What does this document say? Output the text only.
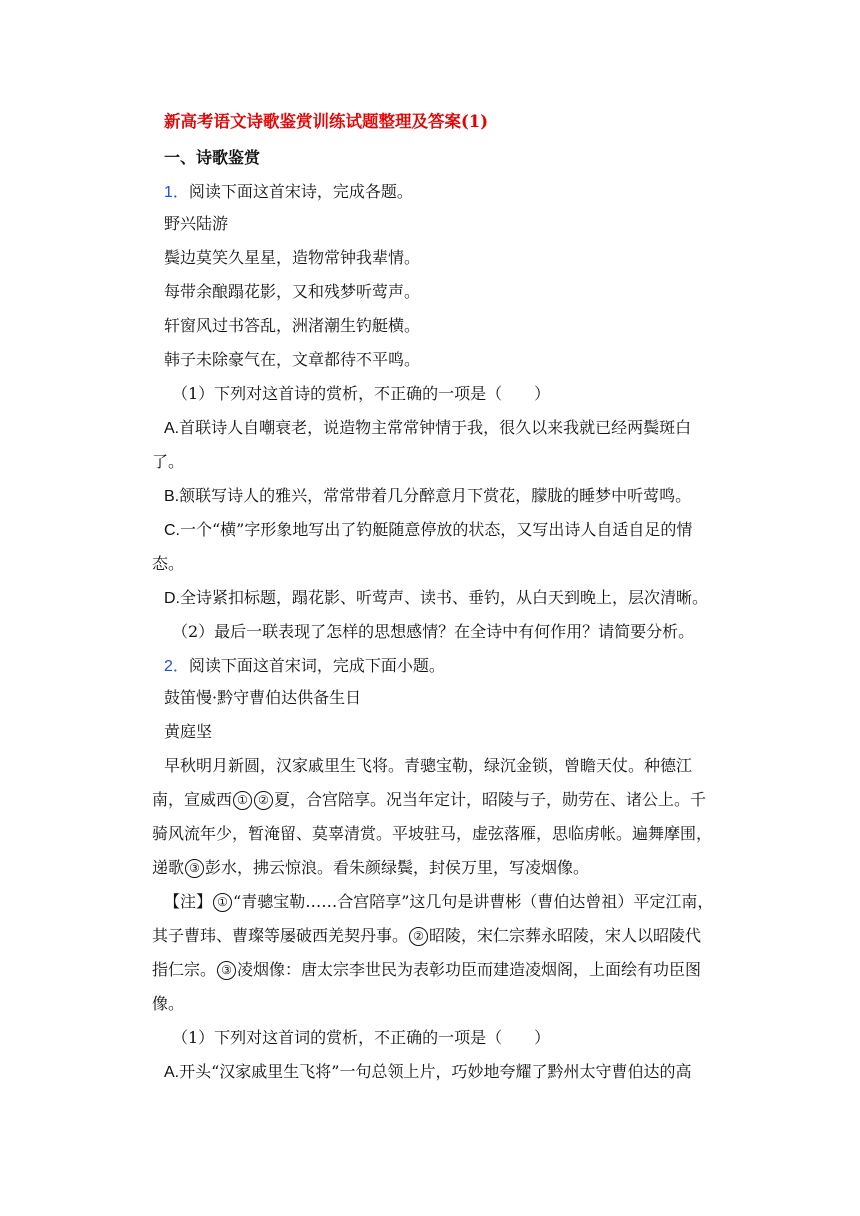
新高考语文诗歌鉴赏训练试题整理及答案(1)
一、诗歌鉴赏
1．阅读下面这首宋诗，完成各题。
野兴陆游
鬓边莫笑久星星，造物常钟我辈情。
每带余酿蹋花影，又和残梦听莺声。
轩窗风过书答乱，洲渚潮生钓艇横。
韩子未除豪气在，文章都待不平鸣。
（1）下列对这首诗的赏析，不正确的一项是（　　）
A.首联诗人自嘲衰老，说造物主常常钟情于我，很久以来我就已经两鬓斑白
了。
B.颔联写诗人的雅兴，常常带着几分醉意月下赏花，朦胧的睡梦中听莺鸣。
C.一个“横”字形象地写出了钓艇随意停放的状态，又写出诗人自适自足的情
态。
D.全诗紧扣标题，蹋花影、听莺声、读书、垂钓，从白天到晚上，层次清晰。
（2）最后一联表现了怎样的思想感情？在全诗中有何作用？请简要分析。
2．阅读下面这首宋词，完成下面小题。
鼓笛慢·黔守曹伯达供备生日
黄庭坚
早秋明月新圆，汉家戚里生飞将。青骢宝勒，绿沉金锁，曾瞻天仗。种德江
南，宣威西 ① ② 夏，合宫陪享。况当年定计，昭陵与子，勋劳在、诸公上。千
骑风流年少，暂淹留、莫辜清赏。平坡驻马，虚弦落雁，思临虏帐。遍舞摩围，
递歌 ③ 彭水，拂云惊浪。看朱颜绿鬓，封侯万里，写凌烟像。
【注】 ① “青骢宝勒……合宫陪享”这几句是讲曹彬（曹伯达曾祖）平定江南，
其子曹玮、曹璨等屡破西羌契丹事。 ② 昭陵，宋仁宗葬永昭陵，宋人以昭陵代
指仁宗。 ③ 凌烟像：唐太宗李世民为表彰功臣而建造凌烟阁，上面绘有功臣图
像。
（1）下列对这首词的赏析，不正确的一项是（　　）
A.开头“汉家戚里生飞将”一句总领上片，巧妙地夸耀了黔州太守曹伯达的高
